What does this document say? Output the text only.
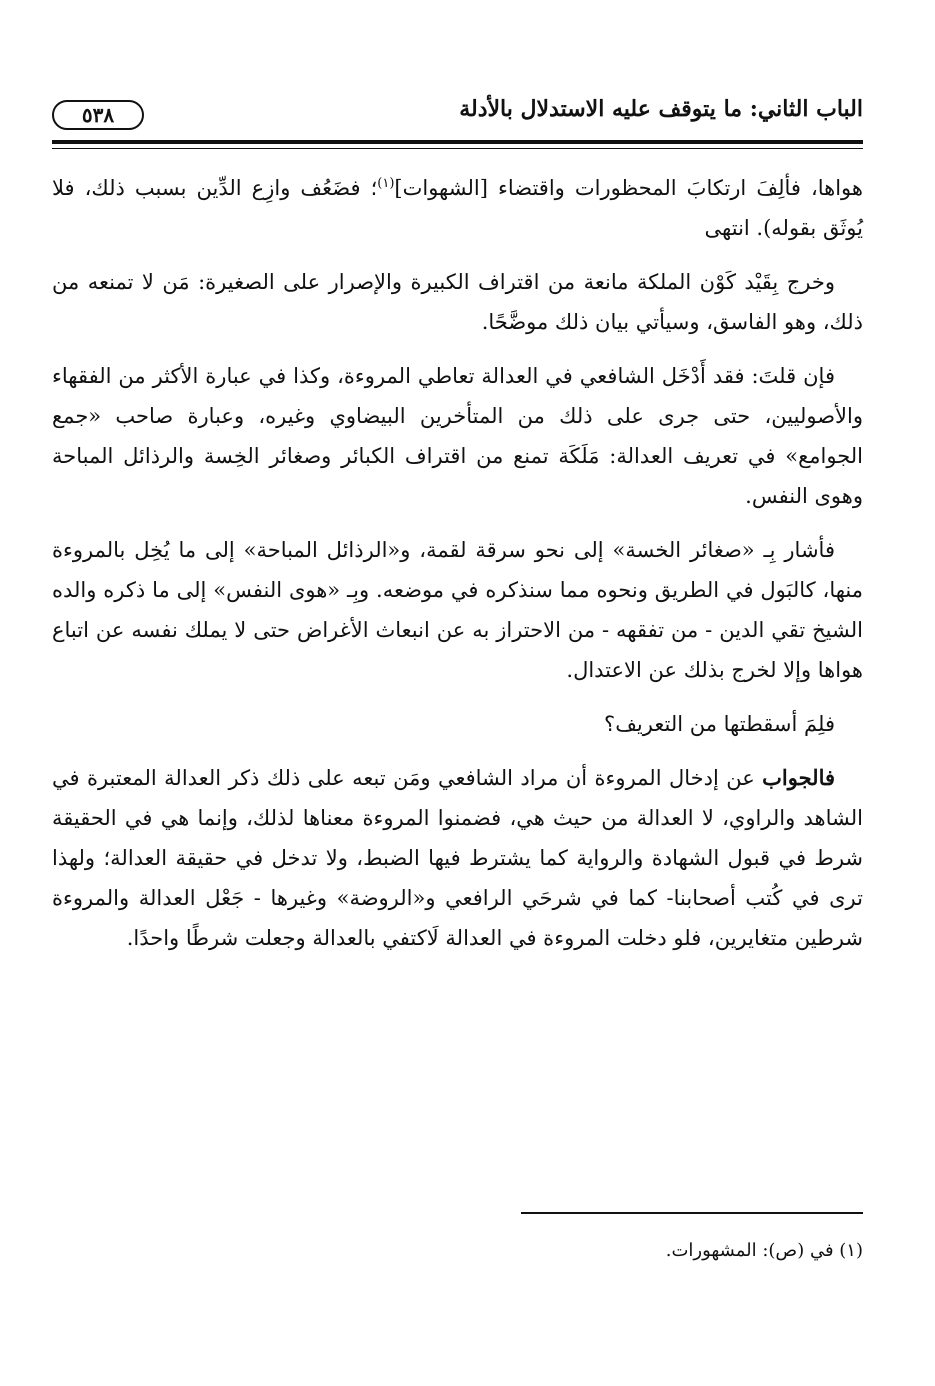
الباب الثاني: ما يتوقف عليه الاستدلال بالأدلة
٥٣٨

هواها، فألِفَ ارتكابَ المحظورات واقتضاء [الشهوات]$^{(١)}$؛ فضَعُف وازِع الدِّين بسبب ذلك، فلا يُوثَق بقوله). انتهى

وخرج بِقَيْد كَوْن الملكة مانعة من اقتراف الكبيرة والإصرار على الصغيرة: مَن لا تمنعه من ذلك، وهو الفاسق، وسيأتي بيان ذلك موضَّحًا.

فإن قلتَ: فقد أَدْخَل الشافعي في العدالة تعاطي المروءة، وكذا في عبارة الأكثر من الفقهاء والأصوليين، حتى جرى على ذلك من المتأخرين البيضاوي وغيره، وعبارة صاحب «جمع الجوامع» في تعريف العدالة: مَلَكَة تمنع من اقتراف الكبائر وصغائر الخِسة والرذائل المباحة وهوى النفس.

فأشار بِـ «صغائر الخسة» إلى نحو سرقة لقمة، و«الرذائل المباحة» إلى ما يُخِل بالمروءة منها، كالبَول في الطريق ونحوه مما سنذكره في موضعه. وبِـ «هوى النفس» إلى ما ذكره والده الشيخ تقي الدين - من تفقهه - من الاحتراز به عن انبعاث الأغراض حتى لا يملك نفسه عن اتباع هواها وإلا لخرج بذلك عن الاعتدال.

فلِمَ أسقطتها من التعريف؟

فالجواب عن إدخال المروءة أن مراد الشافعي ومَن تبعه على ذلك ذكر العدالة المعتبرة في الشاهد والراوي، لا العدالة من حيث هي، فضمنوا المروءة معناها لذلك، وإنما هي في الحقيقة شرط في قبول الشهادة والرواية كما يشترط فيها الضبط، ولا تدخل في حقيقة العدالة؛ ولهذا ترى في كُتب أصحابنا- كما في شرحَي الرافعي و«الروضة» وغيرها - جَعْل العدالة والمروءة شرطين متغايرين، فلو دخلت المروءة في العدالة لَاكتفي بالعدالة وجعلت شرطًا واحدًا.

(١) في (ص): المشهورات.
